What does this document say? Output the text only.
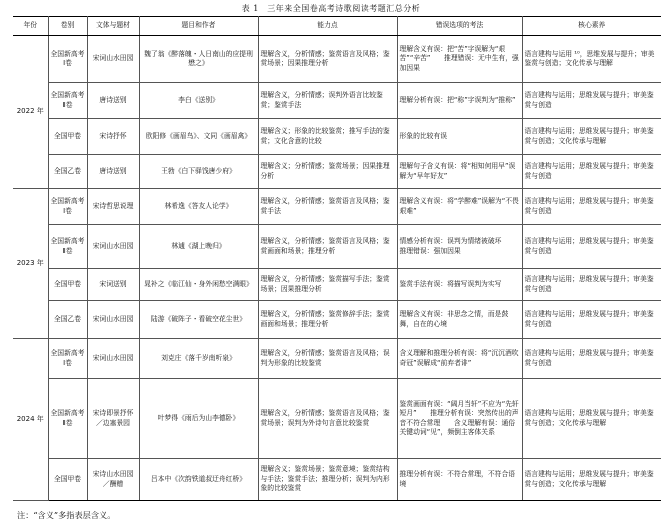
表 1　三年来全国卷高考诗歌阅读考题汇总分析
年份	卷别	文体与题材	题目和作者	能力点	错误选项的考法	核心素养
2022 年	全国新高考Ⅰ卷	宋词山水田园	魏了翁《醉落魄・人日南山的应提刑懋之》	理解含义，分析情感；鉴赏语言及风格；鉴赏场景；因果推理分析	理解含义有误：把“苦”字误解为“艰苦”“辛苦”　　推理错误：无中生有，强加因果	语言建构与运用 ¹⁰，思维发展与提升；审美鉴赏与创造；文化传承与理解
	全国新高考Ⅱ卷	唐诗送别	李白《送别》	理解含义，分析情感；误判外语言比较鉴赏；鉴赏手法	理解分析有误：把“称”字误判为“推称”	语言建构与运用；思维发展与提升；审美鉴赏与创造
	全国甲卷	宋诗抒怀	欧阳修《画眉鸟》、文同《画眉禽》	理解含义；形象的比较鉴赏；推写手法的鉴赏；文化含意的比较	形象的比较有误	语言建构与运用；思维发展与提升；审美鉴赏与创造；文化传承与理解
	全国乙卷	唐诗送别	王勃《白下驿饯唐少府》	理解含义；分析情感；鉴赏场景；因果推理分析	理解句子含义有误：将“相知何用早”误解为“早年好友”	语言建构与运用；思维发展与提升；审美鉴赏与创造
2023 年	全国新高考Ⅰ卷	宋诗哲思说理	林希逸《答友人论学》	理解含义，分析情感；鉴赏语言及风格；鉴赏手法	理解含义有误：将“学醉难”误解为“不畏艰难”	语言建构与运用；思维发展与提升；审美鉴赏与创造
	全国新高考Ⅱ卷	宋词山水田园	林逋《湖上晚归》	理解含义，分析情感；鉴赏语言及风格；鉴赏画面和场景；推理分析	情感分析有误：误判为情绪被破坏　　推理错误：强加因果	语言建构与运用；思维发展与提升；审美鉴赏与创造
	全国甲卷	宋词送别	晁补之《临江仙・身外闲愁空满眼》	理解含义，分析情感；鉴赏描写手法；鉴赏场景；因果推理分析	鉴赏手法有误：将描写误判为实写	语言建构与运用；思维发展与提升；审美鉴赏与创造
	全国乙卷	宋词山水田园	陆游《破阵子・看破空花尘世》	理解含义，分析情感；鉴赏修辞手法；鉴赏画面和场景；推理分析	理解含义有误：非思念之情，而是鼓舞，自在的心境	语言建构与运用；思维发展与提升；审美鉴赏与创造
2024 年	全国新高考Ⅰ卷	宋词山水田园	刘克庄《落千岁南听泉》	理解含义，分析情感；鉴赏语言及风格；误判为形象的比较鉴赏	含义理解和推理分析有误：将“沉沉酒吹奇冠”误解成“前弃者诽”	语言建构与运用；思维发展与提升；审美鉴赏与创造
	全国新高考Ⅱ卷	宋诗即景抒怀／边塞景园	叶梦得《雨后为山李德卧》	理解含义，分析情感；鉴赏语言及风格；鉴赏场景；误判为外诗句言意比较鉴赏	鉴赏画面有误：“阔月当轩”不应为“先轩短月”　　推理分析有误：突然传出的声音不符合常理　　含义理解有误：通俗关键动词“见”，频倒主客体关系	语言建构与运用；思维发展与提升；审美鉴赏与创造；文化传承与理解
	全国甲卷	宋诗山水田园／酬赠	吕本中《次韵铁道叔迂舟红桥》	理解含义；鉴赏场景；鉴赏意境；鉴赏结构与手法；鉴赏手法；推理分析；误判为内形象的比较鉴赏	推理分析有误：不符合常理，不符合语境	语言建构与运用；思维发展与提升；审美鉴赏与创造；文化传承与理解
注：“含义”多指表层含义。
